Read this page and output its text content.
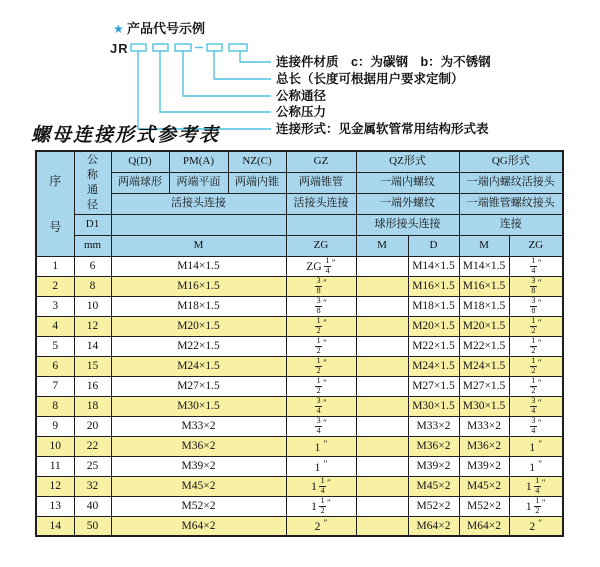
★ 产品代号示例
JR
连接件材质　c：为碳钢　b：为不锈钢
总长（长度可根据用户要求定制）
公称通径
公称压力
连接形式：见金属软管常用结构形式表
螺母连接形式参考表
序号	公称通径	Q(D)	PM(A)	NZ(C)	GZ	QZ形式		QG形式	
		两端球形	两端平面	两端内锥	两端锥管	一端内螺纹		一端内螺纹活接头	
		活接头连接			活接头连接	一端外螺纹		一端锥管螺纹接头	
	D1					球形接头连接		连接	
	mm	M			ZG	M	D	M	ZG
1	6	M14×1.5			ZG  $\frac{1}{4} ''$		M14×1.5	M14×1.5	$\frac{1}{4} ''$
2	8	M16×1.5			$\frac{3}{8} ''$		M16×1.5	M16×1.5	$\frac{3}{8} ''$
3	10	M18×1.5			$\frac{3}{8} ''$		M18×1.5	M18×1.5	$\frac{3}{8} ''$
4	12	M20×1.5			$\frac{1}{2} ''$		M20×1.5	M20×1.5	$\frac{1}{2} ''$
5	14	M22×1.5			$\frac{1}{2} ''$		M22×1.5	M22×1.5	$\frac{1}{2} ''$
6	15	M24×1.5			$\frac{1}{2} ''$		M24×1.5	M24×1.5	$\frac{1}{2} ''$
7	16	M27×1.5			$\frac{1}{2} ''$		M27×1.5	M27×1.5	$\frac{1}{2} ''$
8	18	M30×1.5			$\frac{3}{4} ''$		M30×1.5	M30×1.5	$\frac{3}{4} ''$
9	20	M33×2			$\frac{3}{4} ''$		M33×2	M33×2	$\frac{3}{4} ''$
10	22	M36×2			1 ″		M36×2	M36×2	1 ″
11	25	M39×2			1 ″		M39×2	M39×2	1 ″
12	32	M45×2			$1 \frac{1}{4} ''$		M45×2	M45×2	$1 \frac{1}{4} ''$
13	40	M52×2			$1 \frac{1}{2} ''$		M52×2	M52×2	$1 \frac{1}{2} ''$
14	50	M64×2			2 ″		M64×2	M64×2	2 ″
